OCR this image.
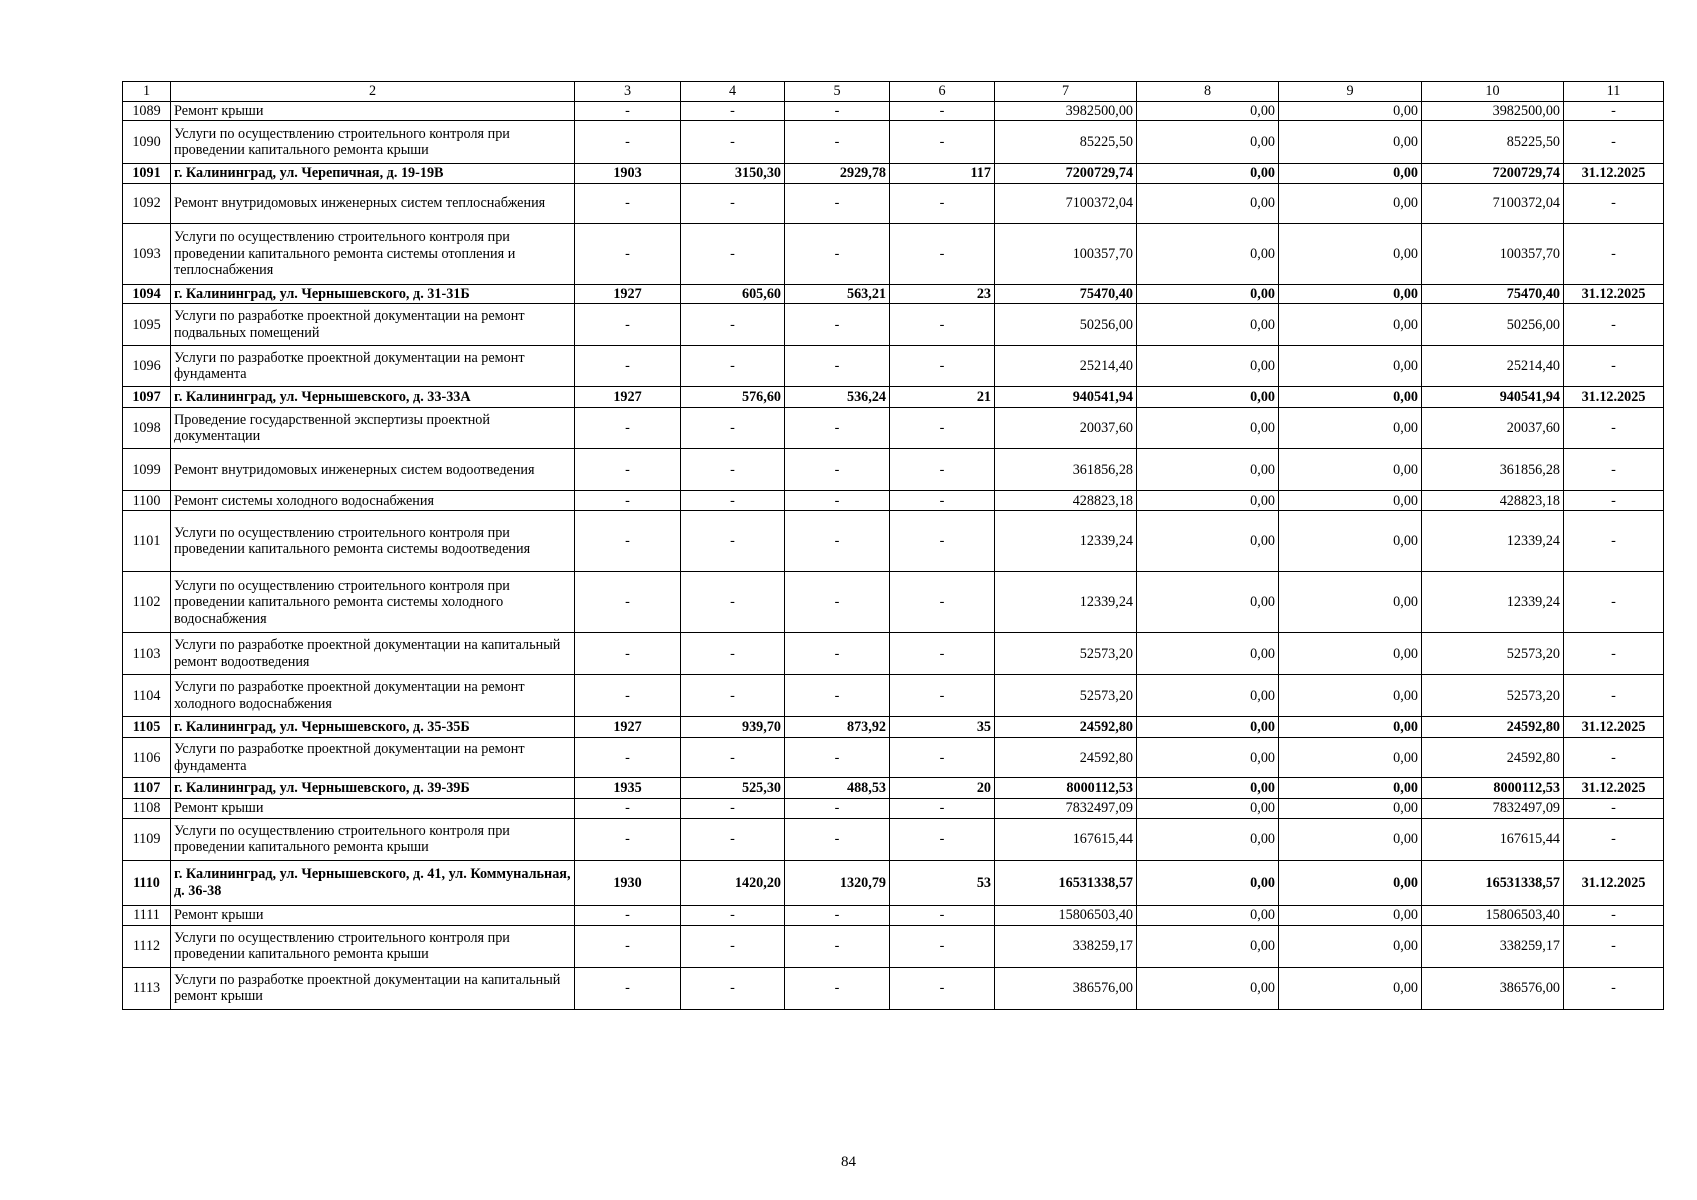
1	2	3	4	5	6	7	8	9	10	11
1089	Ремонт крыши	-	-	-	-	3982500,00	0,00	0,00	3982500,00	-
1090	Услуги по осуществлению строительного контроля при проведении капитального ремонта крыши	-	-	-	-	85225,50	0,00	0,00	85225,50	-
1091	г. Калининград, ул. Черепичная, д. 19-19В	1903	3150,30	2929,78	117	7200729,74	0,00	0,00	7200729,74	31.12.2025
1092	Ремонт внутридомовых инженерных систем теплоснабжения	-	-	-	-	7100372,04	0,00	0,00	7100372,04	-
1093	Услуги по осуществлению строительного контроля при проведении капитального ремонта системы отопления и теплоснабжения	-	-	-	-	100357,70	0,00	0,00	100357,70	-
1094	г. Калининград, ул. Чернышевского, д. 31-31Б	1927	605,60	563,21	23	75470,40	0,00	0,00	75470,40	31.12.2025
1095	Услуги по разработке проектной документации на ремонт подвальных помещений	-	-	-	-	50256,00	0,00	0,00	50256,00	-
1096	Услуги по разработке проектной документации на ремонт фундамента	-	-	-	-	25214,40	0,00	0,00	25214,40	-
1097	г. Калининград, ул. Чернышевского, д. 33-33А	1927	576,60	536,24	21	940541,94	0,00	0,00	940541,94	31.12.2025
1098	Проведение государственной экспертизы проектной документации	-	-	-	-	20037,60	0,00	0,00	20037,60	-
1099	Ремонт внутридомовых инженерных систем водоотведения	-	-	-	-	361856,28	0,00	0,00	361856,28	-
1100	Ремонт системы холодного водоснабжения	-	-	-	-	428823,18	0,00	0,00	428823,18	-
1101	Услуги по осуществлению строительного контроля при проведении капитального ремонта системы водоотведения	-	-	-	-	12339,24	0,00	0,00	12339,24	-
1102	Услуги по осуществлению строительного контроля при проведении капитального ремонта системы холодного водоснабжения	-	-	-	-	12339,24	0,00	0,00	12339,24	-
1103	Услуги по разработке проектной документации на капитальный ремонт водоотведения	-	-	-	-	52573,20	0,00	0,00	52573,20	-
1104	Услуги по разработке проектной документации на ремонт холодного водоснабжения	-	-	-	-	52573,20	0,00	0,00	52573,20	-
1105	г. Калининград, ул. Чернышевского, д. 35-35Б	1927	939,70	873,92	35	24592,80	0,00	0,00	24592,80	31.12.2025
1106	Услуги по разработке проектной документации на ремонт фундамента	-	-	-	-	24592,80	0,00	0,00	24592,80	-
1107	г. Калининград, ул. Чернышевского, д. 39-39Б	1935	525,30	488,53	20	8000112,53	0,00	0,00	8000112,53	31.12.2025
1108	Ремонт крыши	-	-	-	-	7832497,09	0,00	0,00	7832497,09	-
1109	Услуги по осуществлению строительного контроля при проведении капитального ремонта крыши	-	-	-	-	167615,44	0,00	0,00	167615,44	-
1110	г. Калининград, ул. Чернышевского, д. 41, ул. Коммунальная, д. 36-38	1930	1420,20	1320,79	53	16531338,57	0,00	0,00	16531338,57	31.12.2025
1111	Ремонт крыши	-	-	-	-	15806503,40	0,00	0,00	15806503,40	-
1112	Услуги по осуществлению строительного контроля при проведении капитального ремонта крыши	-	-	-	-	338259,17	0,00	0,00	338259,17	-
1113	Услуги по разработке проектной документации на капитальный ремонт крыши	-	-	-	-	386576,00	0,00	0,00	386576,00	-
84
